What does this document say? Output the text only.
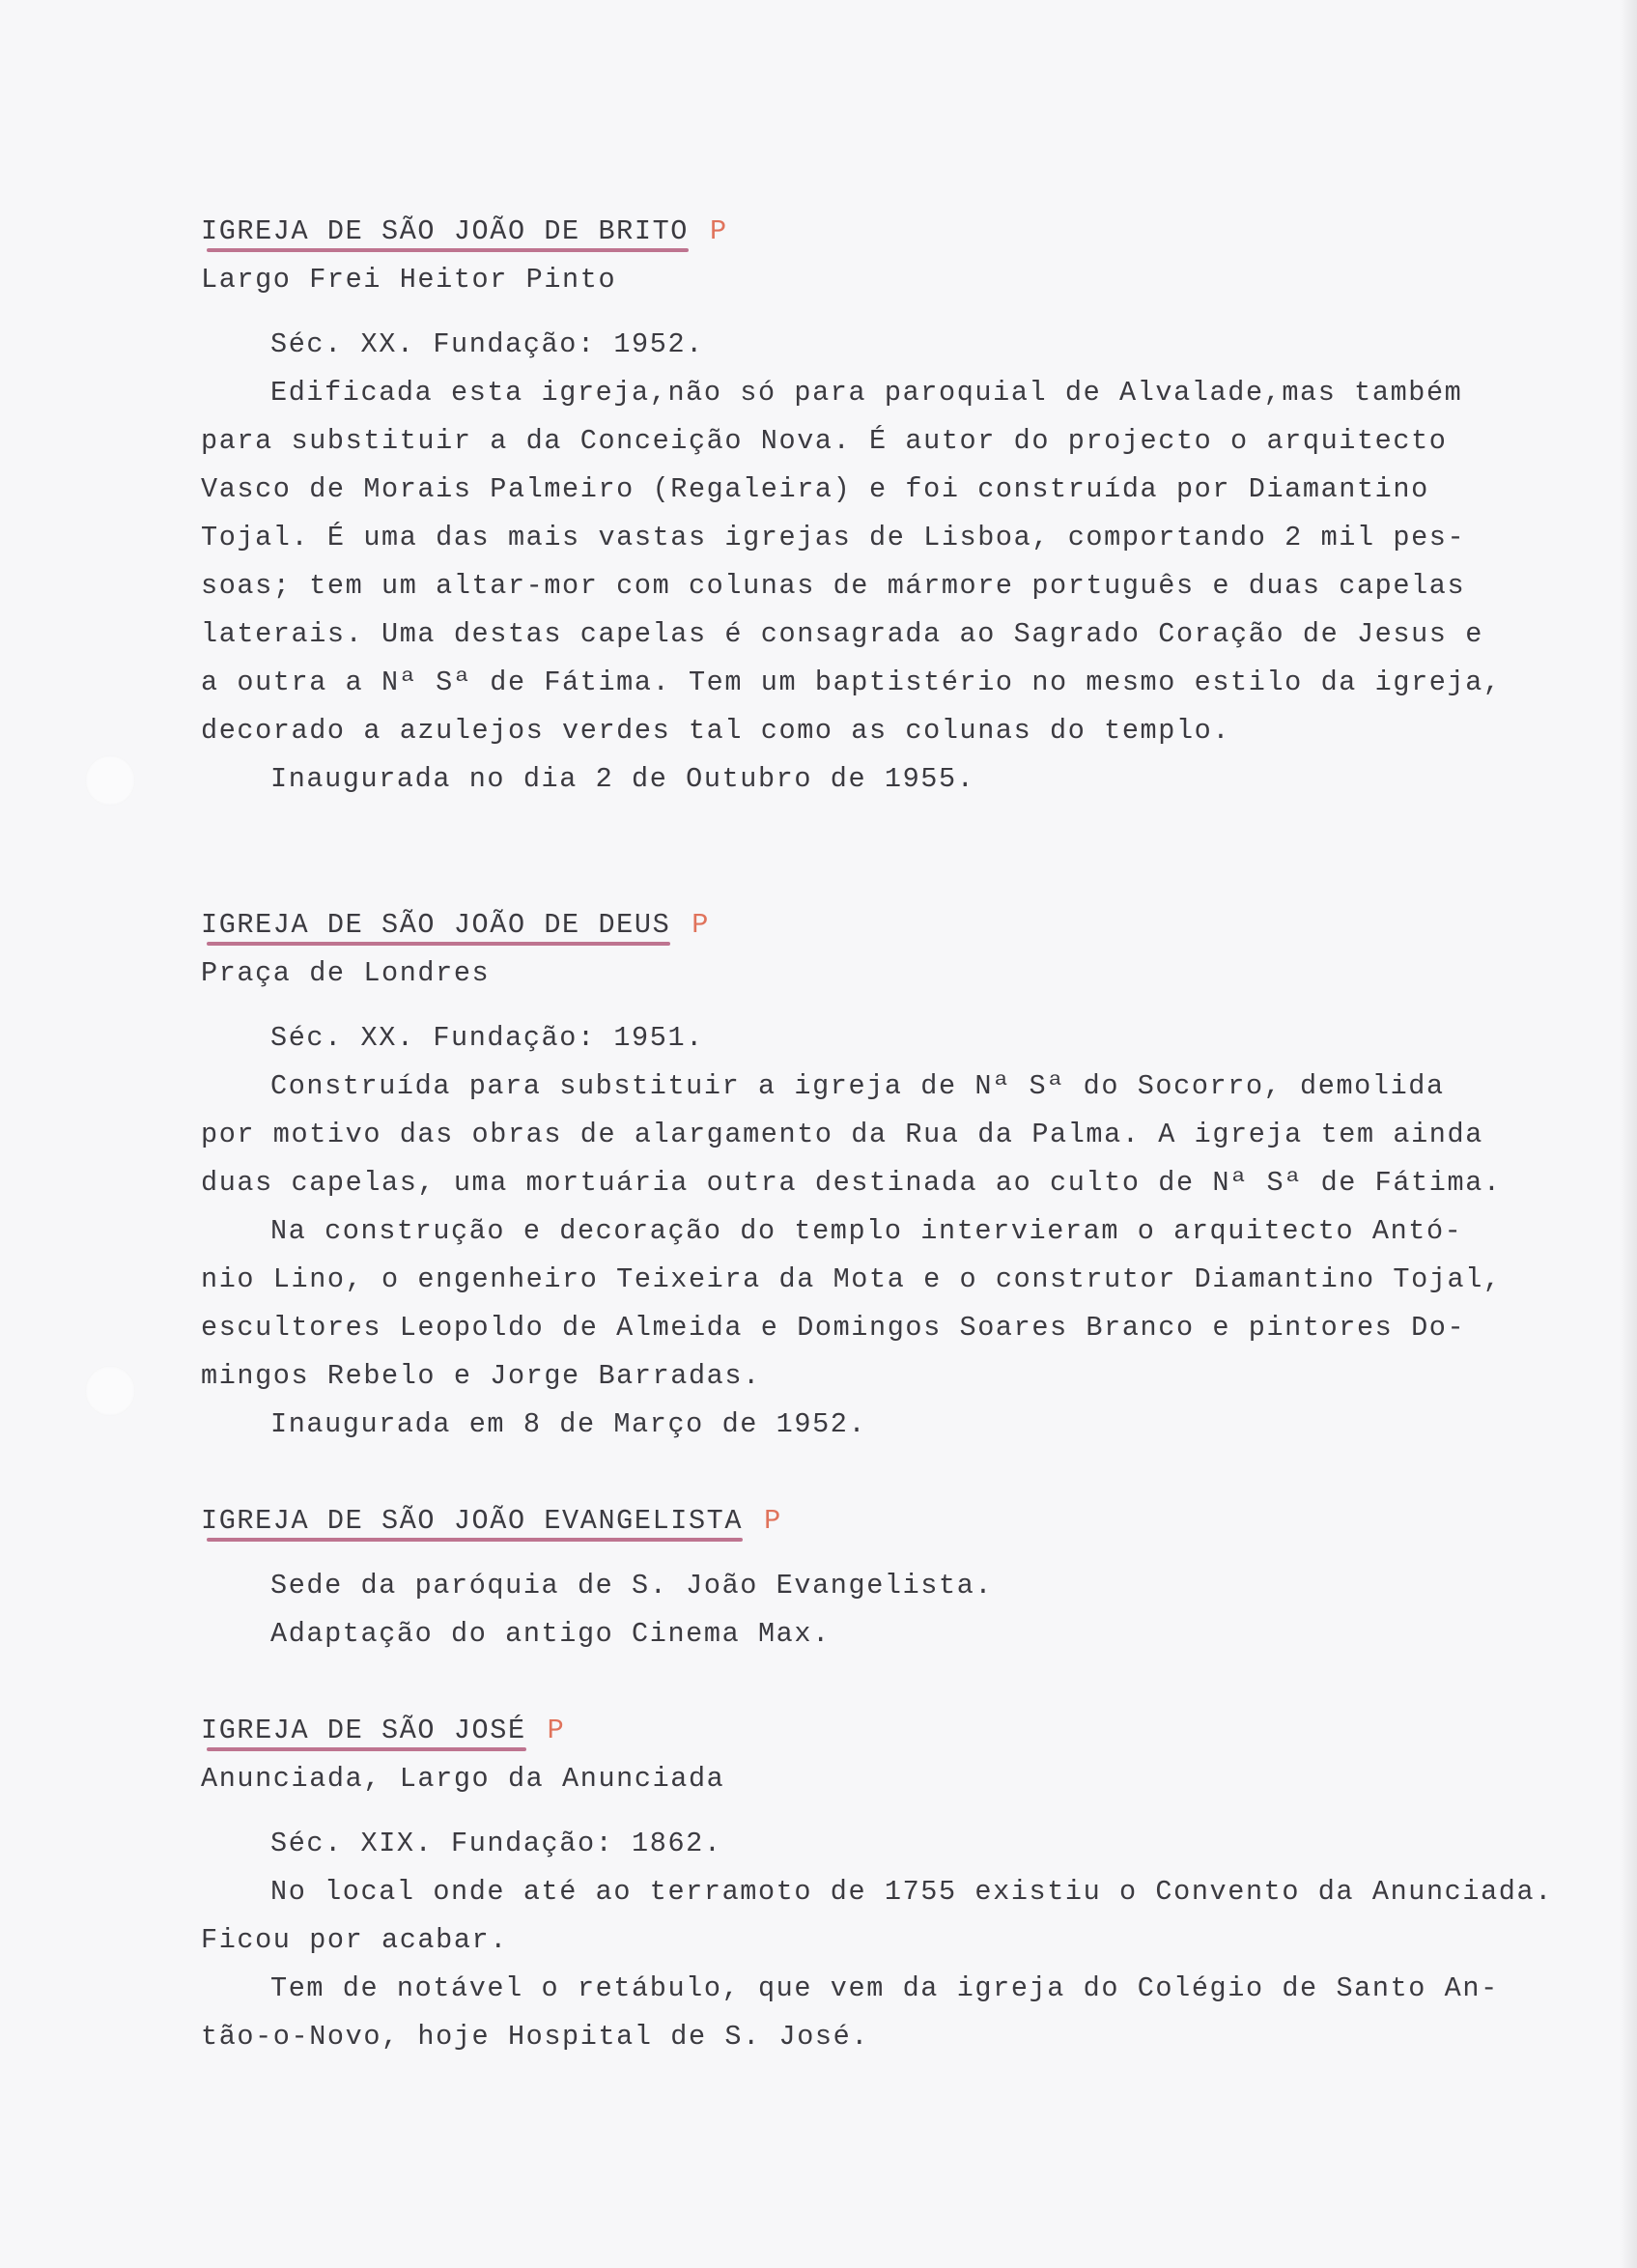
IGREJA DE SÃO JOÃO DE BRITO P
Largo Frei Heitor Pinto
Séc. XX. Fundação: 1952.
Edificada esta igreja,não só para paroquial de Alvalade,mas também
para substituir a da Conceição Nova. É autor do projecto o arquitecto
Vasco de Morais Palmeiro (Regaleira) e foi construída por Diamantino
Tojal. É uma das mais vastas igrejas de Lisboa, comportando 2 mil pes-
soas; tem um altar-mor com colunas de mármore português e duas capelas
laterais. Uma destas capelas é consagrada ao Sagrado Coração de Jesus e
a outra a Nª Sª de Fátima. Tem um baptistério no mesmo estilo da igreja,
decorado a azulejos verdes tal como as colunas do templo.
Inaugurada no dia 2 de Outubro de 1955.
IGREJA DE SÃO JOÃO DE DEUS P
Praça de Londres
Séc. XX. Fundação: 1951.
Construída para substituir a igreja de Nª Sª do Socorro, demolida
por motivo das obras de alargamento da Rua da Palma. A igreja tem ainda
duas capelas, uma mortuária outra destinada ao culto de Nª Sª de Fátima.
Na construção e decoração do templo intervieram o arquitecto Antó-
nio Lino, o engenheiro Teixeira da Mota e o construtor Diamantino Tojal,
escultores Leopoldo de Almeida e Domingos Soares Branco e pintores Do-
mingos Rebelo e Jorge Barradas.
Inaugurada em 8 de Março de 1952.
IGREJA DE SÃO JOÃO EVANGELISTA P
Sede da paróquia de S. João Evangelista.
Adaptação do antigo Cinema Max.
IGREJA DE SÃO JOSÉ P
Anunciada, Largo da Anunciada
Séc. XIX. Fundação: 1862.
No local onde até ao terramoto de 1755 existiu o Convento da Anunciada.
Ficou por acabar.
Tem de notável o retábulo, que vem da igreja do Colégio de Santo An-
tão-o-Novo, hoje Hospital de S. José.
